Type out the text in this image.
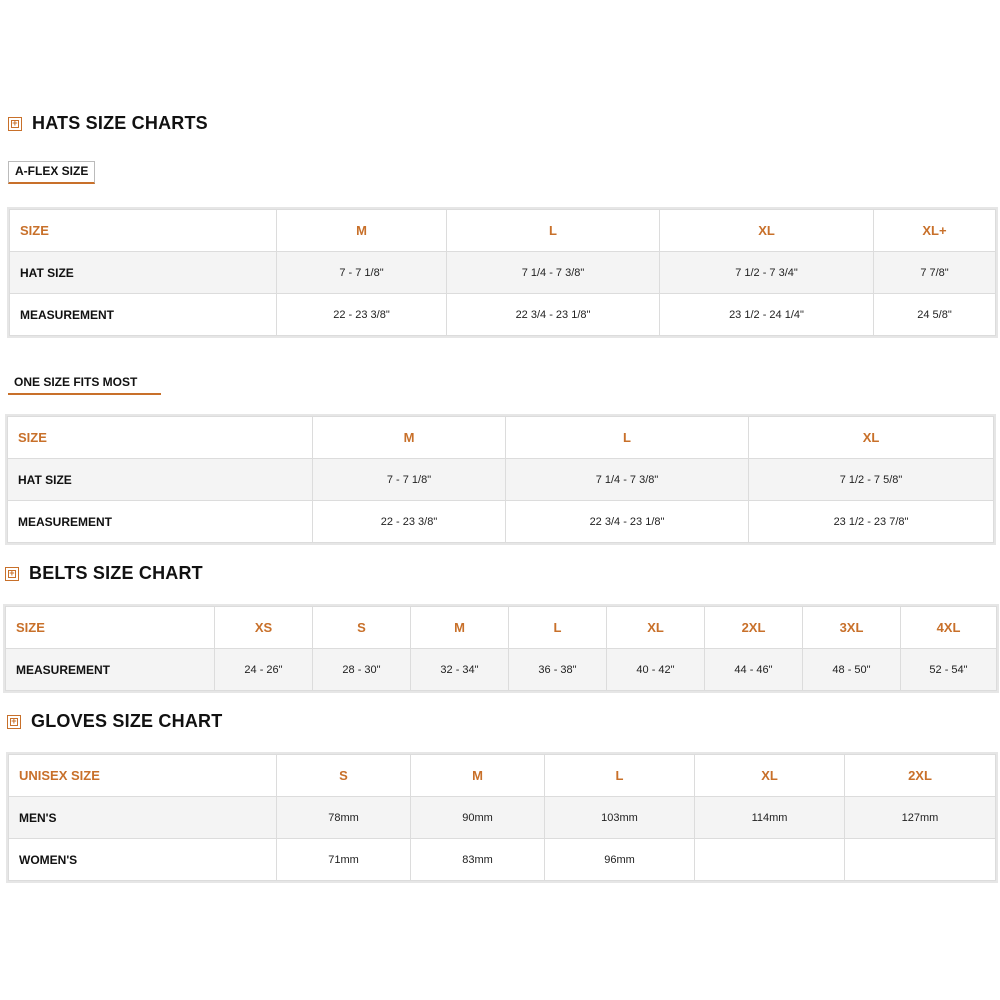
+ HATS SIZE CHARTS
A-FLEX SIZE
SIZE	M	L	XL	XL+
HAT SIZE	7 - 7 1/8"	7 1/4 - 7 3/8"	7 1/2 - 7 3/4"	7 7/8"
MEASUREMENT	22 - 23 3/8"	22 3/4 - 23 1/8"	23 1/2 - 24 1/4"	24 5/8"
ONE SIZE FITS MOST
SIZE	M	L	XL
HAT SIZE	7 - 7 1/8"	7 1/4 - 7 3/8"	7 1/2 - 7 5/8"
MEASUREMENT	22 - 23 3/8"	22 3/4 - 23 1/8"	23 1/2 - 23 7/8"
+ BELTS SIZE CHART
SIZE	XS	S	M	L	XL	2XL	3XL	4XL
MEASUREMENT	24 - 26"	28 - 30"	32 - 34"	36 - 38"	40 - 42"	44 - 46"	48 - 50"	52 - 54"
+ GLOVES SIZE CHART
UNISEX SIZE	S	M	L	XL	2XL
MEN'S	78mm	90mm	103mm	114mm	127mm
WOMEN'S	71mm	83mm	96mm		
